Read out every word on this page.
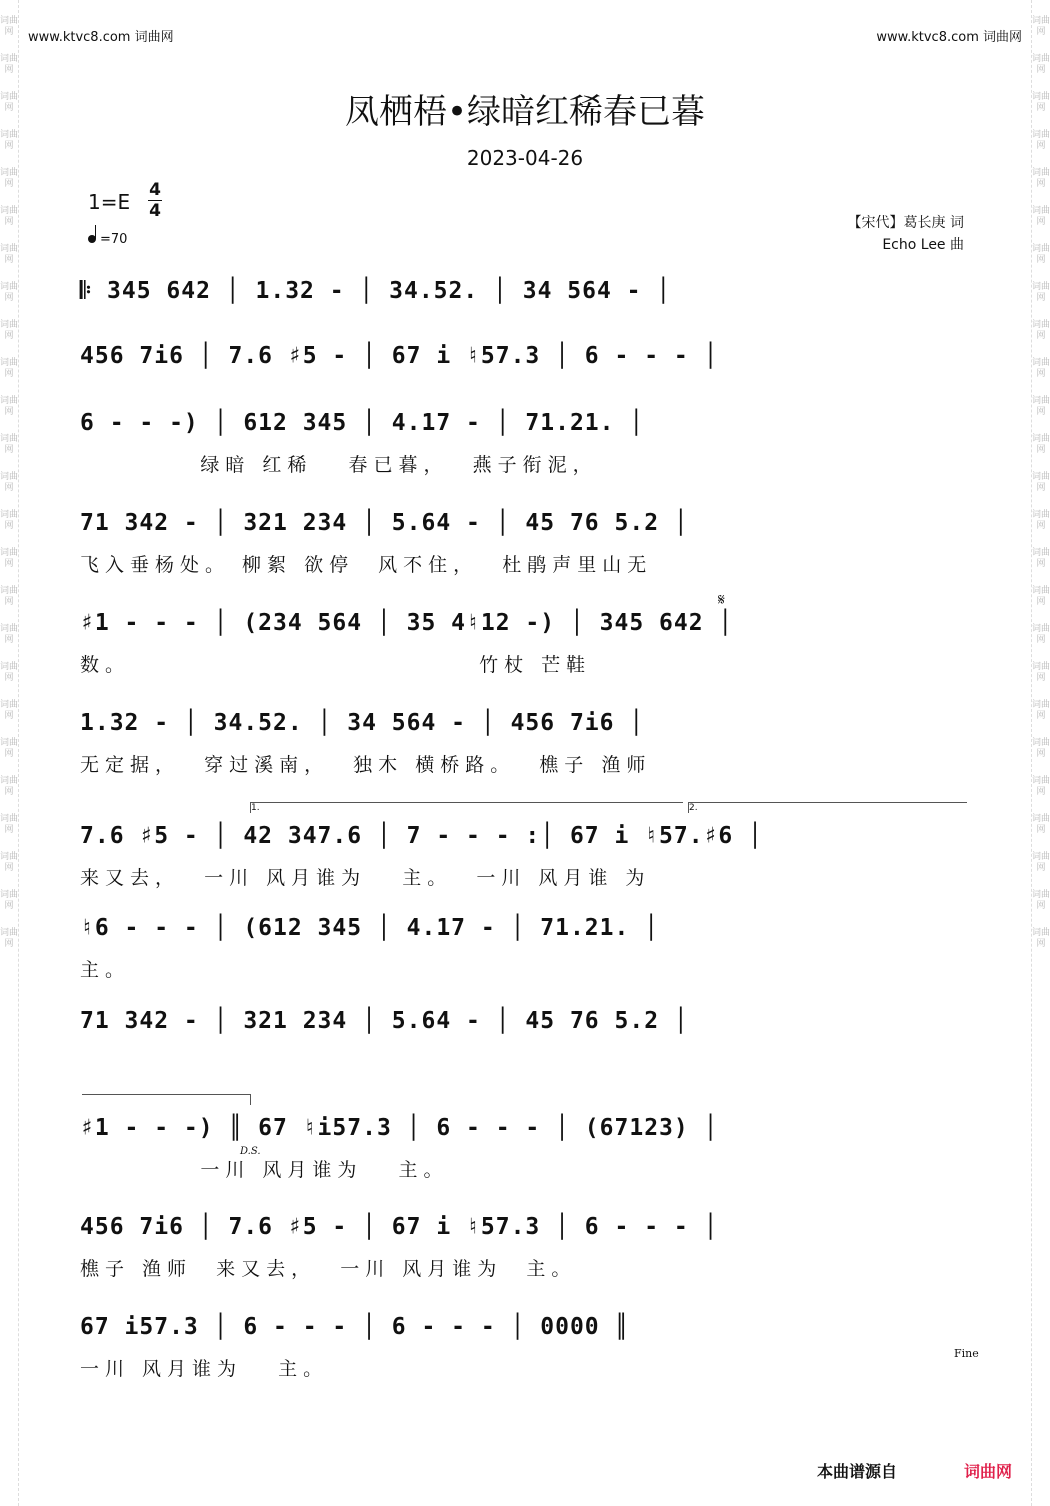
词曲网
词曲网
词曲网
词曲网
词曲网
词曲网
词曲网
词曲网
词曲网
词曲网
词曲网
词曲网
词曲网
词曲网
词曲网
词曲网
词曲网
词曲网
词曲网
词曲网
词曲网
词曲网
词曲网
词曲网
词曲网
词曲网
词曲网
词曲网
词曲网
词曲网
词曲网
词曲网
词曲网
词曲网
词曲网
词曲网
词曲网
词曲网
词曲网
词曲网
词曲网
词曲网
词曲网
词曲网
词曲网
词曲网
词曲网
词曲网
词曲网
词曲网
www.ktvc8.com 词曲网	www.ktvc8.com 词曲网
凤栖梧•绿暗红稀春已暮
2023-04-26
1=E 4
4
=70
【宋代】葛长庚 词
Echo Lee 曲
𝄋
1.	2.
D.S.
Fine
𝄆 345 642 │ 1.32 - │ 34.52. │ 34 564 - │
456 7i6 │ 7.6 ♯5 - │ 67 i ♮57.3 │ 6 - - - │
6 - - -) │ 612 345 │ 4.17 - │ 71.21. │
绿暗 红稀   春已暮，  燕子衔泥，
71 342 - │ 321 234 │ 5.64 - │ 45 76 5.2 │
飞入垂杨处。 柳絮 欲停  风不住，  杜鹃声里山无
♯1 - - - │ (234 564 │ 35 4♮12 -) │ 345 642 │
数。                             竹杖 芒鞋
1.32 - │ 34.52. │ 34 564 - │ 456 7i6 │
无定据，  穿过溪南，  独木 横桥路。  樵子 渔师
7.6 ♯5 - │ 42 347.6 │ 7 - - - :│ 67 i ♮57.♯6 │
来又去，  一川 风月谁为   主。  一川 风月谁 为
♮6 - - - │ (612 345 │ 4.17 - │ 71.21. │
主。
71 342 - │ 321 234 │ 5.64 - │ 45 76 5.2 │
♯1 - - -) ║ 67 ♮i57.3 │ 6 - - - │ (67123) │
一川 风月谁为   主。
456 7i6 │ 7.6 ♯5 - │ 67 i ♮57.3 │ 6 - - - │
樵子 渔师  来又去，  一川 风月谁为  主。
67 i57.3 │ 6 - - - │ 6 - - - │ 0000 ║
一川 风月谁为   主。
本曲谱源自	词曲网
